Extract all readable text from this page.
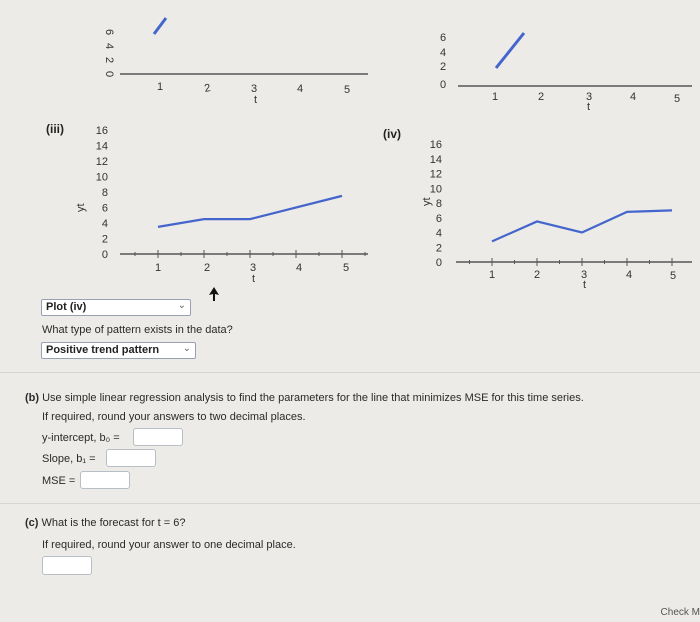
6
4
2
0
1	2	3
t
4	5
6
4
2
0
1	2	3
t
4	5
(iii)	(iv)
16
14
12
10
8
6
4
2
0
yt
1	2	3
t
4	5
16
14
12
10
8
6
4
2
0
yt
1	2	3
t
4	5
Plot (iv)	⌄
What type of pattern exists in the data?
Positive trend pattern ⌄
(b) Use simple linear regression analysis to find the parameters for the line that minimizes MSE for this time series.
If required, round your answers to two decimal places.
y-intercept, b₀ =
Slope, b₁ =
MSE =
(c) What is the forecast for t = 6?
If required, round your answer to one decimal place.
Check M
